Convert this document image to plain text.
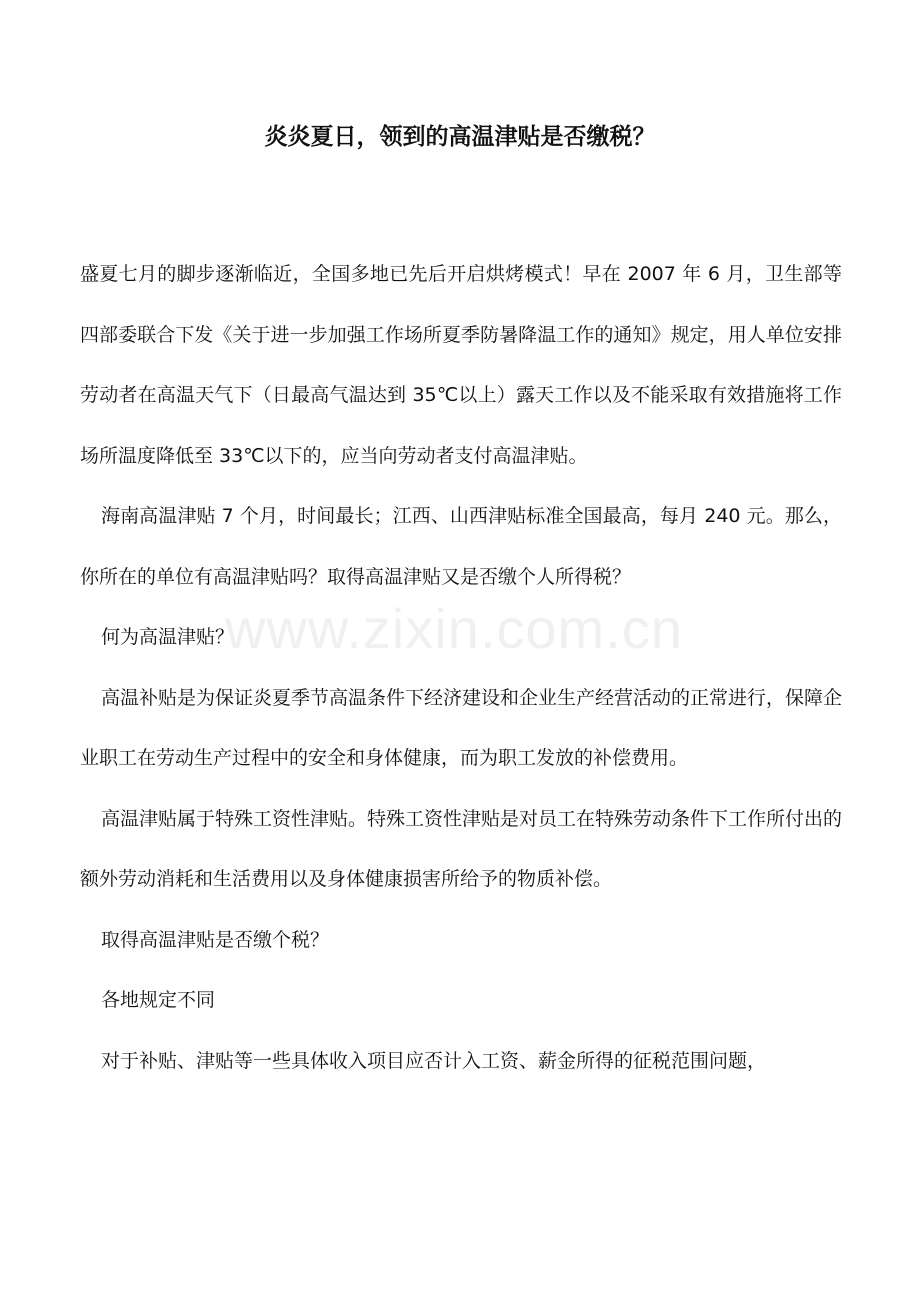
www.zixin.com.cn
炎炎夏日，领到的高温津贴是否缴税？

盛夏七月的脚步逐渐临近，全国多地已先后开启烘烤模式！早在 2007 年 6 月，卫生部等四部委联合下发《关于进一步加强工作场所夏季防暑降温工作的通知》规定，用人单位安排劳动者在高温天气下（日最高气温达到 35℃以上）露天工作以及不能采取有效措施将工作场所温度降低至 33℃以下的，应当向劳动者支付高温津贴。

海南高温津贴 7 个月，时间最长；江西、山西津贴标准全国最高，每月 240 元。那么，你所在的单位有高温津贴吗？取得高温津贴又是否缴个人所得税？

何为高温津贴？

高温补贴是为保证炎夏季节高温条件下经济建设和企业生产经营活动的正常进行，保障企业职工在劳动生产过程中的安全和身体健康，而为职工发放的补偿费用。

高温津贴属于特殊工资性津贴。特殊工资性津贴是对员工在特殊劳动条件下工作所付出的额外劳动消耗和生活费用以及身体健康损害所给予的物质补偿。

取得高温津贴是否缴个税？

各地规定不同

对于补贴、津贴等一些具体收入项目应否计入工资、薪金所得的征税范围问题，
